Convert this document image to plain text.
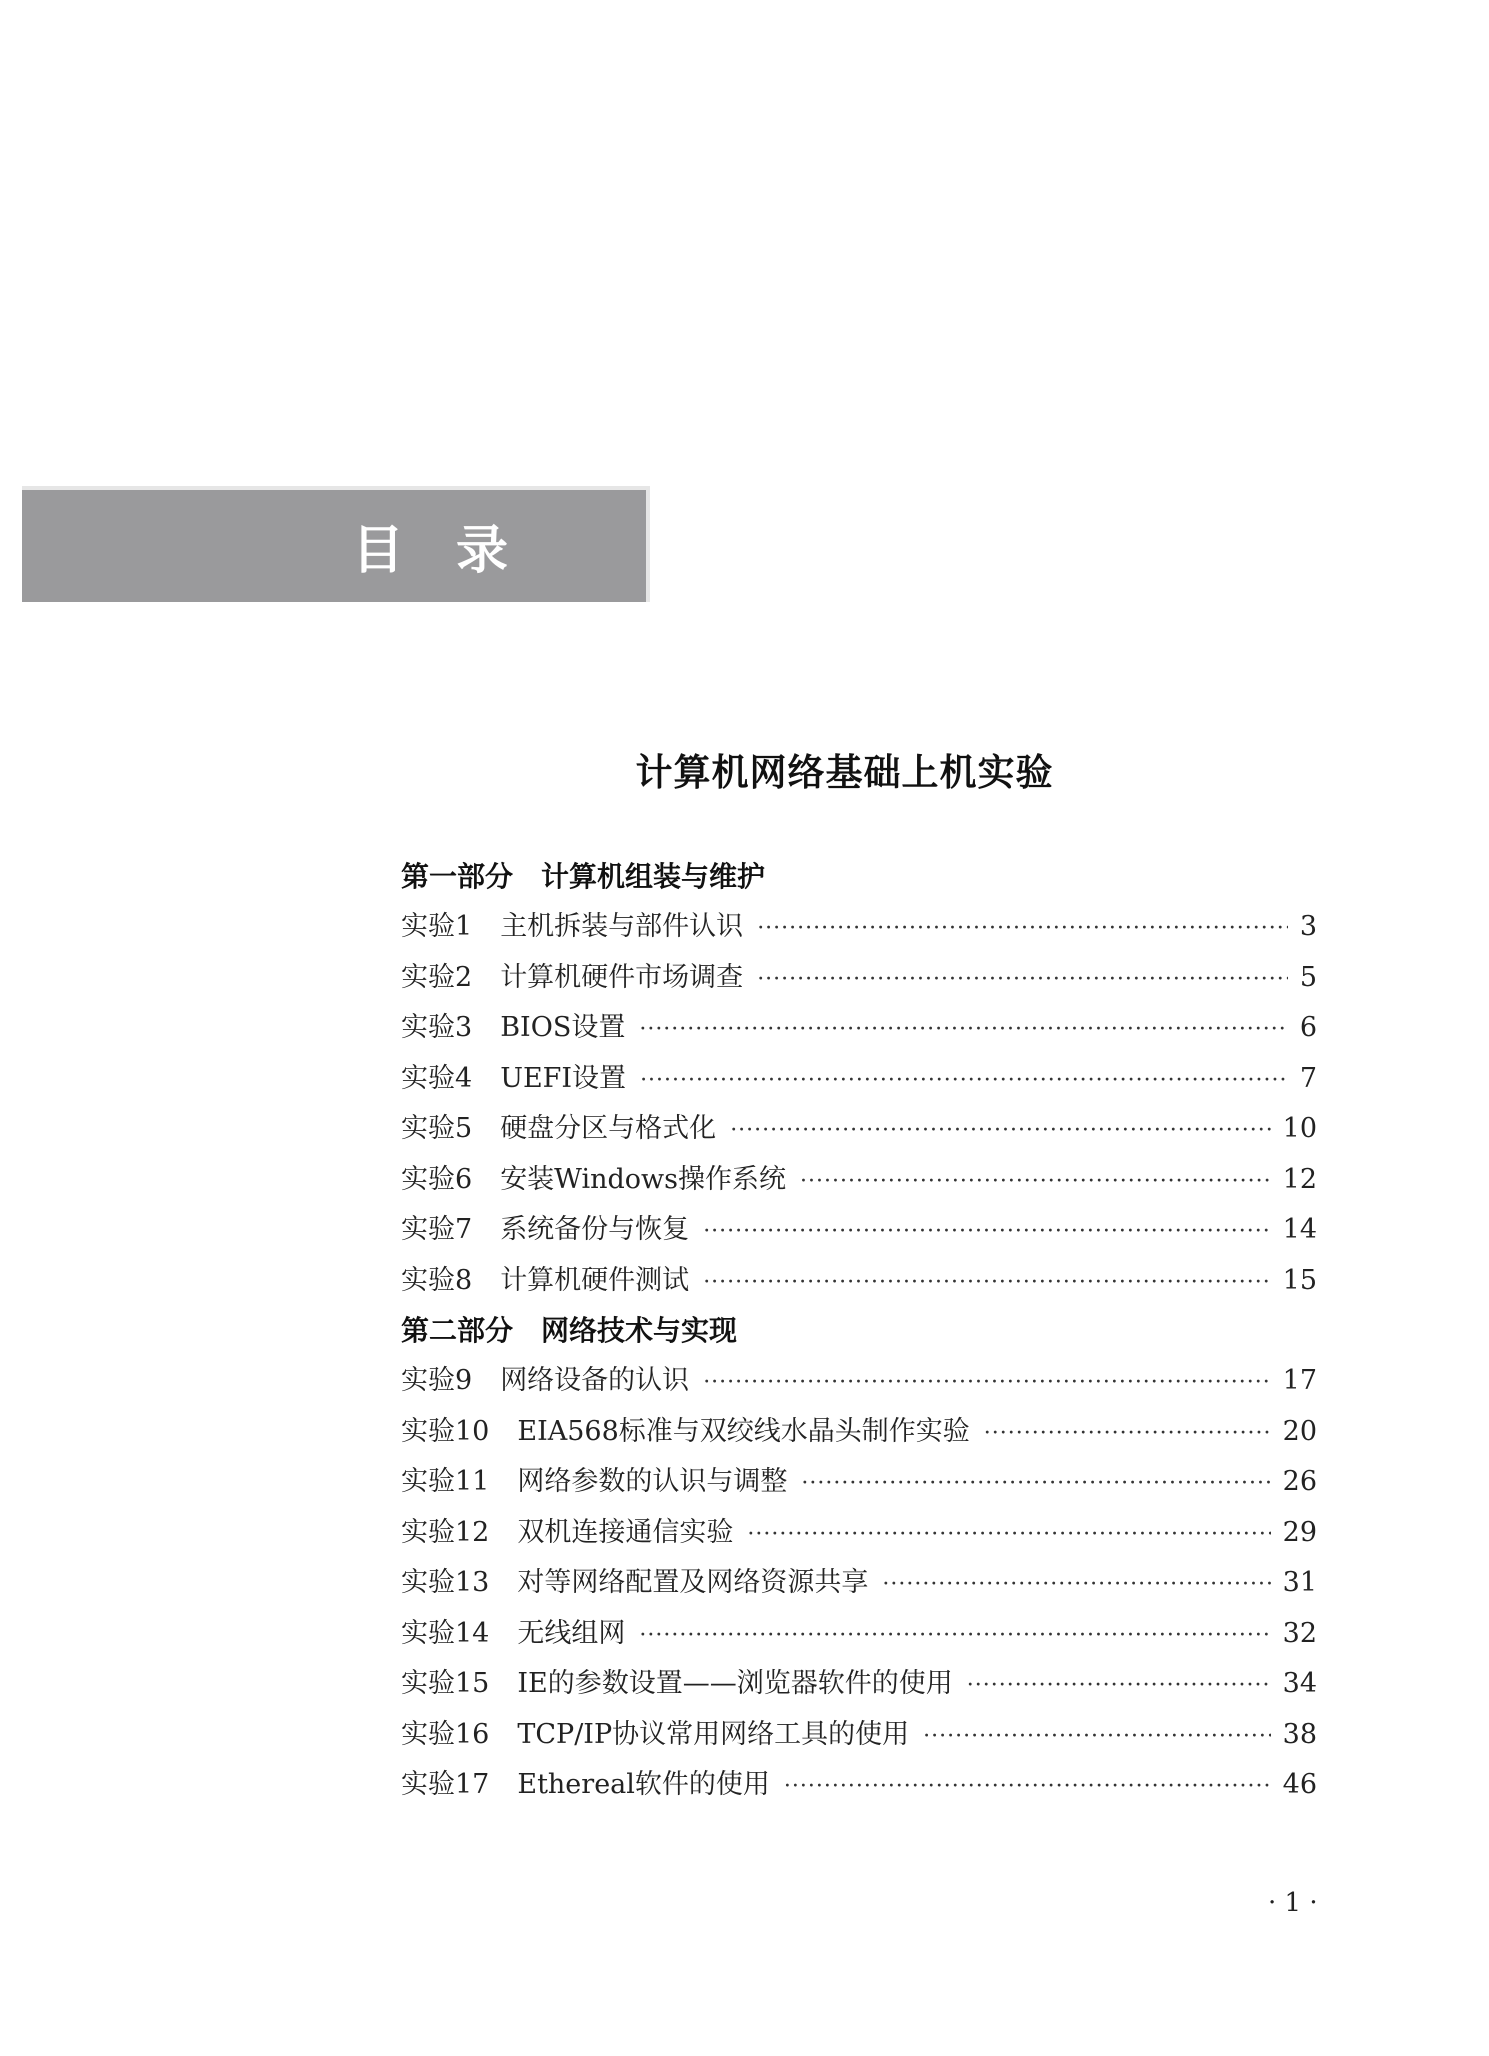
目录
计算机网络基础上机实验
第一部分 计算机组装与维护
实验1 主机拆装与部件认识 ·····	3
实验2 计算机硬件市场调查 ·····	5
实验3 BIOS设置 ·····	6
实验4 UEFI设置 ·····	7
实验5 硬盘分区与格式化 ·····	10
实验6 安装Windows操作系统 ·····	12
实验7 系统备份与恢复 ·····	14
实验8 计算机硬件测试 ·····	15
第二部分 网络技术与实现
实验9 网络设备的认识 ·····	17
实验10 EIA568标准与双绞线水晶头制作实验 ·····	20
实验11 网络参数的认识与调整 ·····	26
实验12 双机连接通信实验 ·····	29
实验13 对等网络配置及网络资源共享 ·····	31
实验14 无线组网 ·····	32
实验15 IE的参数设置——浏览器软件的使用 ·····	34
实验16 TCP/IP协议常用网络工具的使用 ·····	38
实验17 Ethereal软件的使用 ·····	46
· 1 ·
